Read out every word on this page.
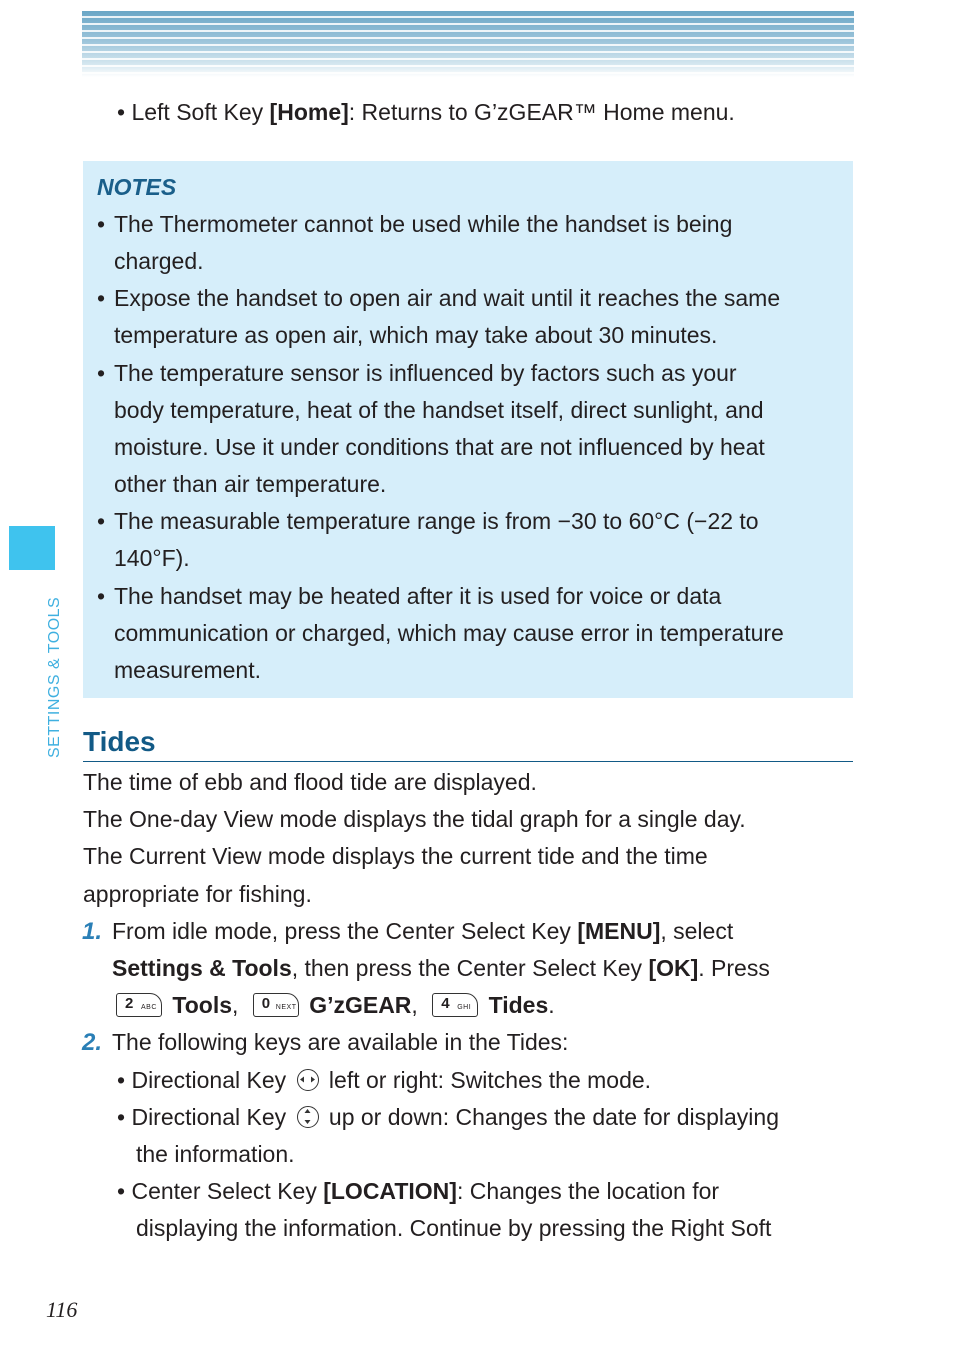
• Left Soft Key [Home]: Returns to G’zGEAR™ Home menu.
NOTES
• The Thermometer cannot be used while the handset is being
charged.
• Expose the handset to open air and wait until it reaches the same
temperature as open air, which may take about 30 minutes.
• The temperature sensor is influenced by factors such as your
body temperature, heat of the handset itself, direct sunlight, and
moisture. Use it under conditions that are not influenced by heat
other than air temperature.
• The measurable temperature range is from −30 to 60°C (−22 to
140°F).
• The handset may be heated after it is used for voice or data
communication or charged, which may cause error in temperature
measurement.
SETTINGS & TOOLS Tides
The time of ebb and flood tide are displayed.
The One-day View mode displays the tidal graph for a single day.
The Current View mode displays the current tide and the time
appropriate for fishing.
1. From idle mode, press the Center Select Key [MENU], select
Settings & Tools, then press the Center Select Key [OK]. Press
2 ABC Tools, 0 NEXT G’zGEAR, 4 GHI Tides.
2. The following keys are available in the Tides:
• Directional Key
left or right: Switches the mode.
• Directional Key
up or down: Changes the date for displaying
the information.
• Center Select Key [LOCATION]: Changes the location for
displaying the information. Continue by pressing the Right Soft
116
